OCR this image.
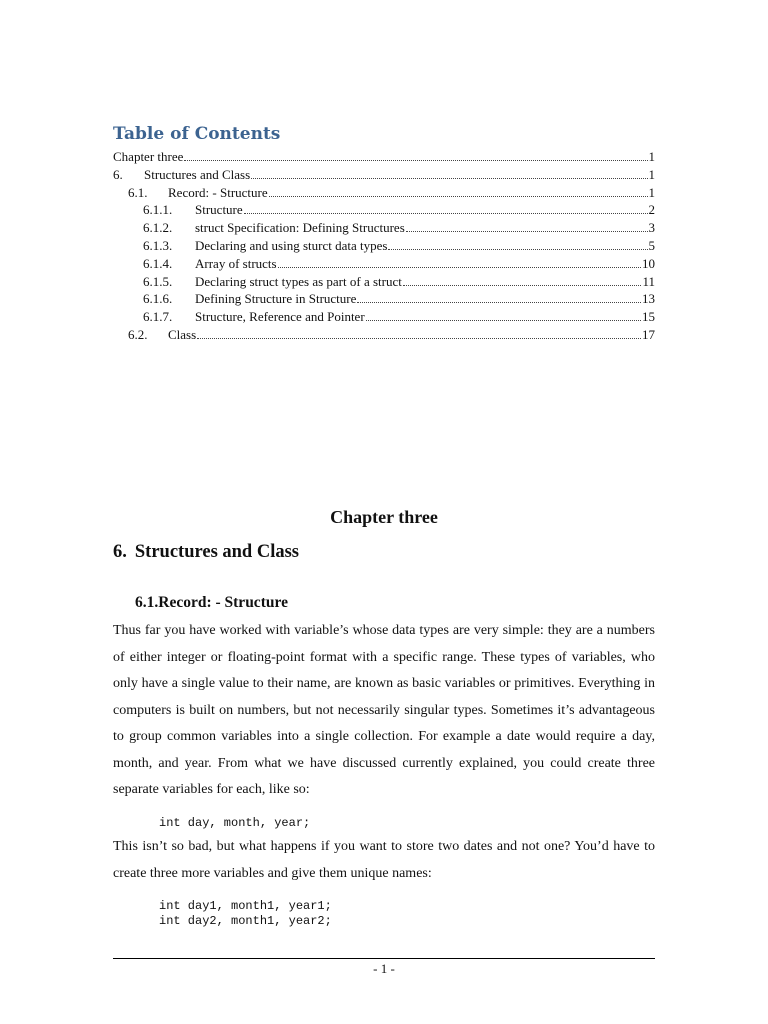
Table of Contents
Chapter three	1
6.	Structures and Class	1
6.1.	Record: - Structure	1
6.1.1.	Structure	2
6.1.2.	struct Specification: Defining Structures	3
6.1.3.	Declaring and using sturct data types	5
6.1.4.	Array of structs	10
6.1.5.	Declaring struct types as part of a struct	11
6.1.6.	Defining Structure in Structure	13
6.1.7.	Structure, Reference and Pointer	15
6.2.	Class	17
Chapter three
6. Structures and Class
6.1.Record: - Structure
Thus far you have worked with variable’s whose data types are very simple: they are a numbers of either integer or floating-point format with a specific range. These types of variables, who only have a single value to their name, are known as basic variables or primitives. Everything in computers is built on numbers, but not necessarily singular types. Sometimes it’s advantageous to group common variables into a single collection. For example a date would require a day, month, and year. From what we have discussed currently explained, you could create three separate variables for each, like so:
int day, month, year;
This isn’t so bad, but what happens if you want to store two dates and not one? You’d have to create three more variables and give them unique names:
int day1, month1, year1;
int day2, month1, year2;
- 1 -
